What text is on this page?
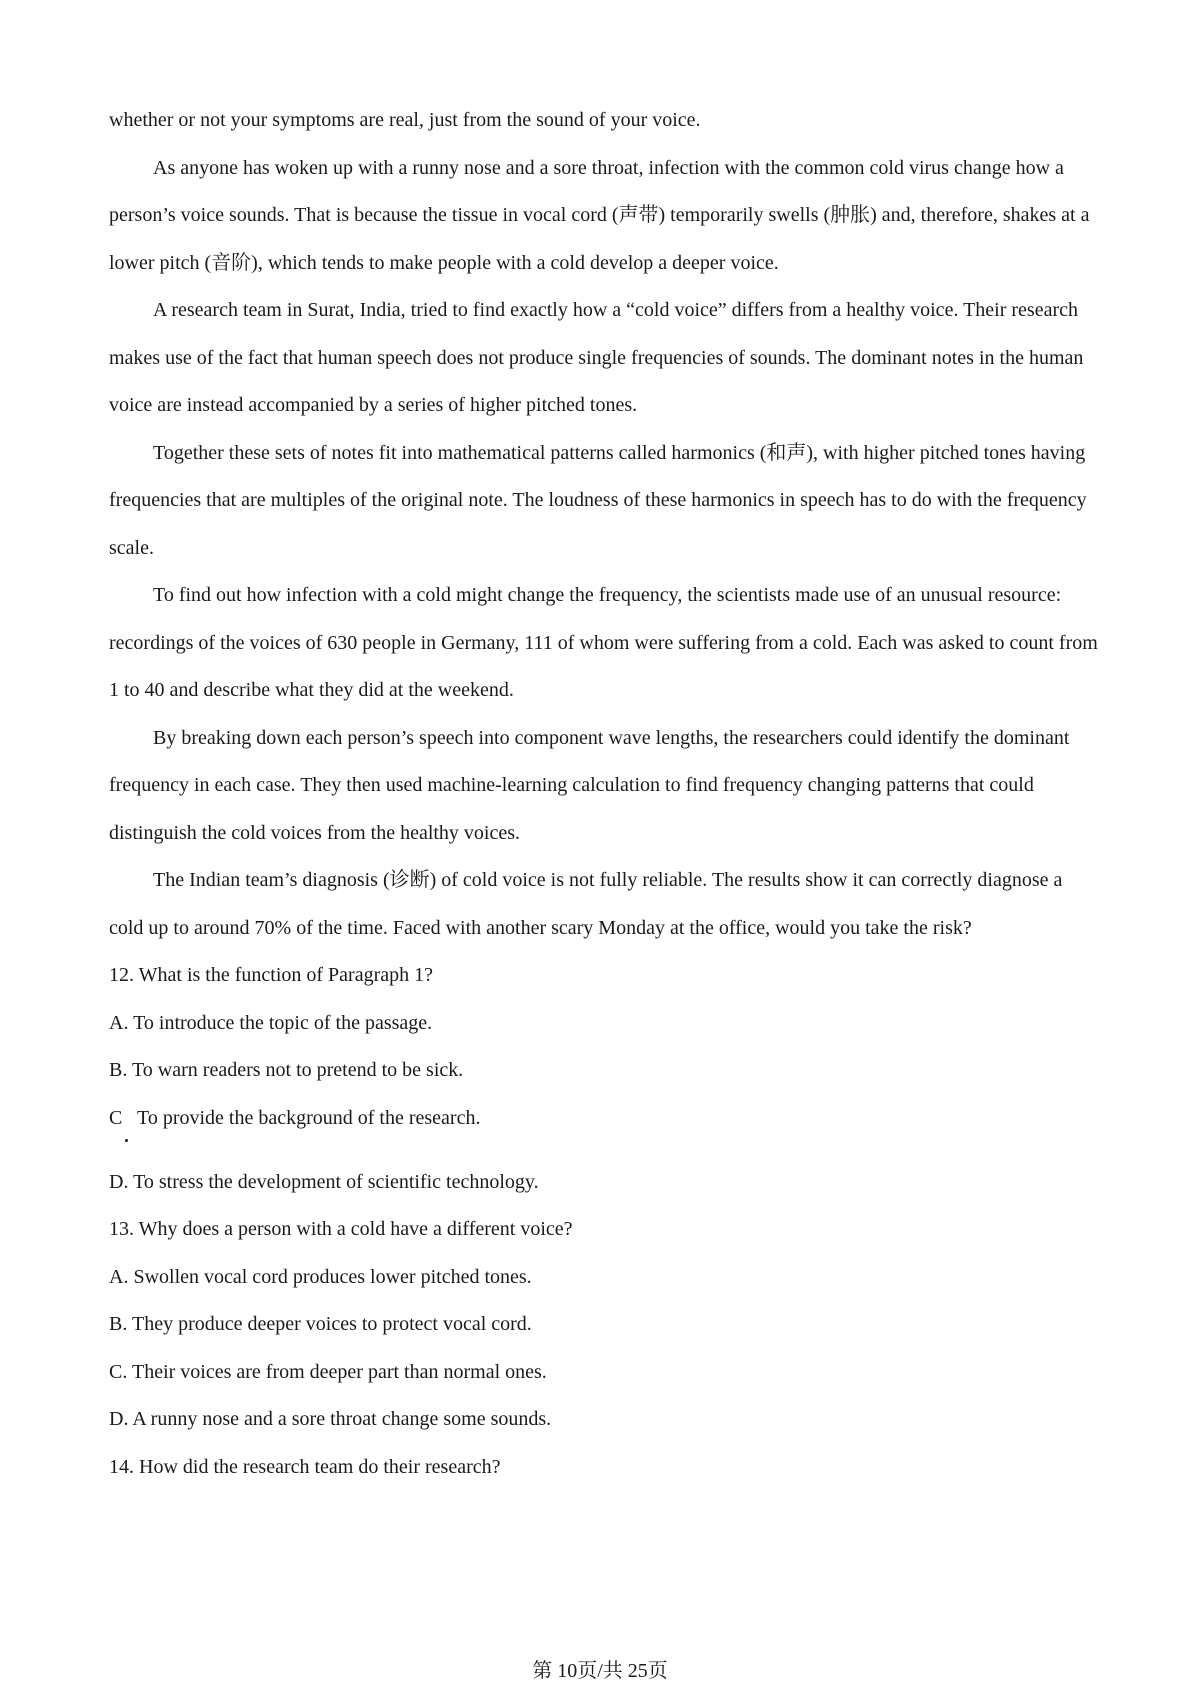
whether or not your symptoms are real, just from the sound of your voice.

As anyone has woken up with a runny nose and a sore throat, infection with the common cold virus change how a person’s voice sounds. That is because the tissue in vocal cord (声带) temporarily swells (肿胀) and, therefore, shakes at a lower pitch (音阶), which tends to make people with a cold develop a deeper voice.

A research team in Surat, India, tried to find exactly how a “cold voice” differs from a healthy voice. Their research makes use of the fact that human speech does not produce single frequencies of sounds. The dominant notes in the human voice are instead accompanied by a series of higher pitched tones.

Together these sets of notes fit into mathematical patterns called harmonics (和声), with higher pitched tones having frequencies that are multiples of the original note. The loudness of these harmonics in speech has to do with the frequency scale.

To find out how infection with a cold might change the frequency, the scientists made use of an unusual resource: recordings of the voices of 630 people in Germany, 111 of whom were suffering from a cold. Each was asked to count from 1 to 40 and describe what they did at the weekend.

By breaking down each person’s speech into component wave lengths, the researchers could identify the dominant frequency in each case. They then used machine-learning calculation to find frequency changing patterns that could distinguish the cold voices from the healthy voices.

The Indian team’s diagnosis (诊断) of cold voice is not fully reliable. The results show it can correctly diagnose a cold up to around 70% of the time. Faced with another scary Monday at the office, would you take the risk?

12. What is the function of Paragraph 1?

A. To introduce the topic of the passage.

B. To warn readers not to pretend to be sick.

C To provide the background of the research.

D. To stress the development of scientific technology.

13. Why does a person with a cold have a different voice?

A. Swollen vocal cord produces lower pitched tones.

B. They produce deeper voices to protect vocal cord.

C. Their voices are from deeper part than normal ones.

D. A runny nose and a sore throat change some sounds.

14. How did the research team do their research?

第 10页/共 25页
